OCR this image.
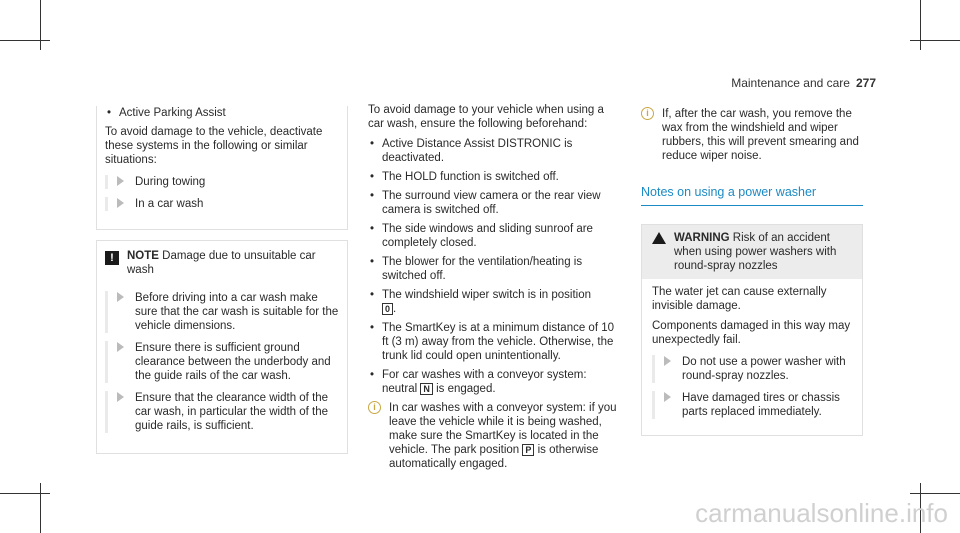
Maintenance and care 277
• Active Parking Assist
To avoid damage to the vehicle, deactivate these systems in the following or similar situations:
During towing
In a car wash
!	NOTE Damage due to unsuitable car wash
Before driving into a car wash make sure that the car wash is suitable for the vehicle dimensions.
Ensure there is sufficient ground clearance between the underbody and the guide rails of the car wash.
Ensure that the clearance width of the car wash, in particular the width of the guide rails, is sufficient.
To avoid damage to your vehicle when using a car wash, ensure the following beforehand:
• Active Distance Assist DISTRONIC is deactivated.
• The HOLD function is switched off.
• The surround view camera or the rear view camera is switched off.
• The side windows and sliding sunroof are completely closed.
• The blower for the ventilation/heating is switched off.
• The windshield wiper switch is in position
0 .
• The SmartKey is at a minimum distance of 10 ft (3 m) away from the vehicle. Otherwise, the trunk lid could open unintentionally.
• For car washes with a conveyor system: neutral N is engaged.
i	In car washes with a conveyor system: if you leave the vehicle while it is being washed, make sure the SmartKey is located in the vehicle. The park position P is otherwise automatically engaged.
i	If, after the car wash, you remove the wax from the windshield and wiper rubbers, this will prevent smearing and reduce wiper noise.
Notes on using a power washer
WARNING Risk of an accident when using power washers with round-spray nozzles
The water jet can cause externally invisible damage.
Components damaged in this way may unexpectedly fail.
Do not use a power washer with round-spray nozzles.
Have damaged tires or chassis parts replaced immediately.
carmanualsonline.info
